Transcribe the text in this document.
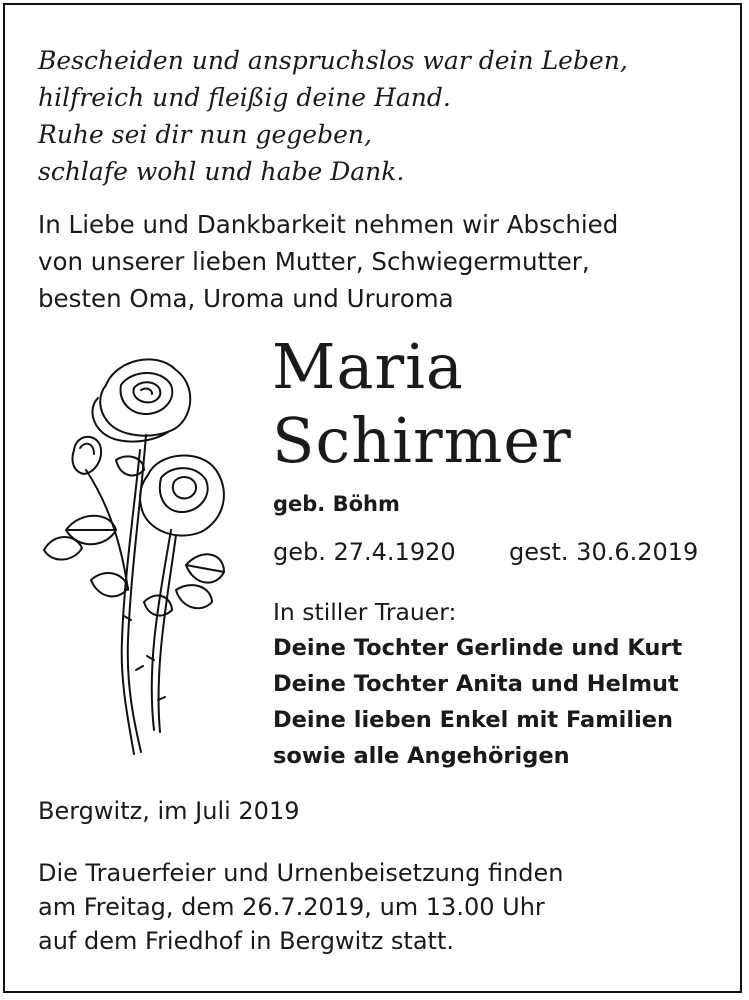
Bescheiden und anspruchslos war dein Leben,
hilfreich und fleißig deine Hand.
Ruhe sei dir nun gegeben,
schlafe wohl und habe Dank.
In Liebe und Dankbarkeit nehmen wir Abschied
von unserer lieben Mutter, Schwiegermutter,
besten Oma, Uroma und Ururoma
Maria
Schirmer
geb. Böhm
geb. 27.4.1920 gest. 30.6.2019
In stiller Trauer:
Deine Tochter Gerlinde und Kurt
Deine Tochter Anita und Helmut
Deine lieben Enkel mit Familien
sowie alle Angehörigen
Bergwitz, im Juli 2019
Die Trauerfeier und Urnenbeisetzung finden
am Freitag, dem 26.7.2019, um 13.00 Uhr
auf dem Friedhof in Bergwitz statt.
